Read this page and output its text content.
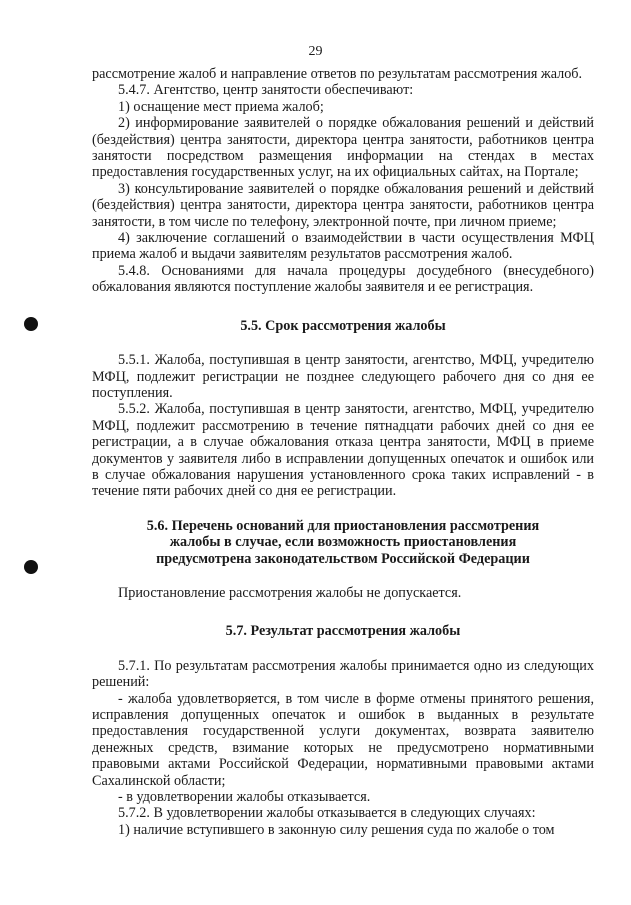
29

рассмотрение жалоб и направление ответов по результатам рассмотрения жалоб.

5.4.7. Агентство, центр занятости обеспечивают:

1) оснащение мест приема жалоб;

2) информирование заявителей о порядке обжалования решений и действий (бездействия) центра занятости, директора центра занятости, работников центра занятости посредством размещения информации на стендах в местах предоставления государственных услуг, на их официальных сайтах, на Портале;

3) консультирование заявителей о порядке обжалования решений и действий (бездействия) центра занятости, директора центра занятости, работников центра занятости, в том числе по телефону, электронной почте, при личном приеме;

4) заключение соглашений о взаимодействии в части осуществления МФЦ приема жалоб и выдачи заявителям результатов рассмотрения жалоб.

5.4.8. Основаниями для начала процедуры досудебного (внесудебного) обжалования являются поступление жалобы заявителя и ее регистрация.

5.5. Срок рассмотрения жалобы

5.5.1. Жалоба, поступившая в центр занятости, агентство, МФЦ, учредителю МФЦ, подлежит регистрации не позднее следующего рабочего дня со дня ее поступления.

5.5.2. Жалоба, поступившая в центр занятости, агентство, МФЦ, учредителю МФЦ, подлежит рассмотрению в течение пятнадцати рабочих дней со дня ее регистрации, а в случае обжалования отказа центра занятости, МФЦ в приеме документов у заявителя либо в исправлении допущенных опечаток и ошибок или в случае обжалования нарушения установленного срока таких исправлений - в течение пяти рабочих дней со дня ее регистрации.

5.6. Перечень оснований для приостановления рассмотрения жалобы в случае, если возможность приостановления предусмотрена законодательством Российской Федерации

Приостановление рассмотрения жалобы не допускается.

5.7. Результат рассмотрения жалобы

5.7.1. По результатам рассмотрения жалобы принимается одно из следующих решений:

- жалоба удовлетворяется, в том числе в форме отмены принятого решения, исправления допущенных опечаток и ошибок в выданных в результате предоставления государственной услуги документах, возврата заявителю денежных средств, взимание которых не предусмотрено нормативными правовыми актами Российской Федерации, нормативными правовыми актами Сахалинской области;

- в удовлетворении жалобы отказывается.

5.7.2. В удовлетворении жалобы отказывается в следующих случаях:

1) наличие вступившего в законную силу решения суда по жалобе о том
